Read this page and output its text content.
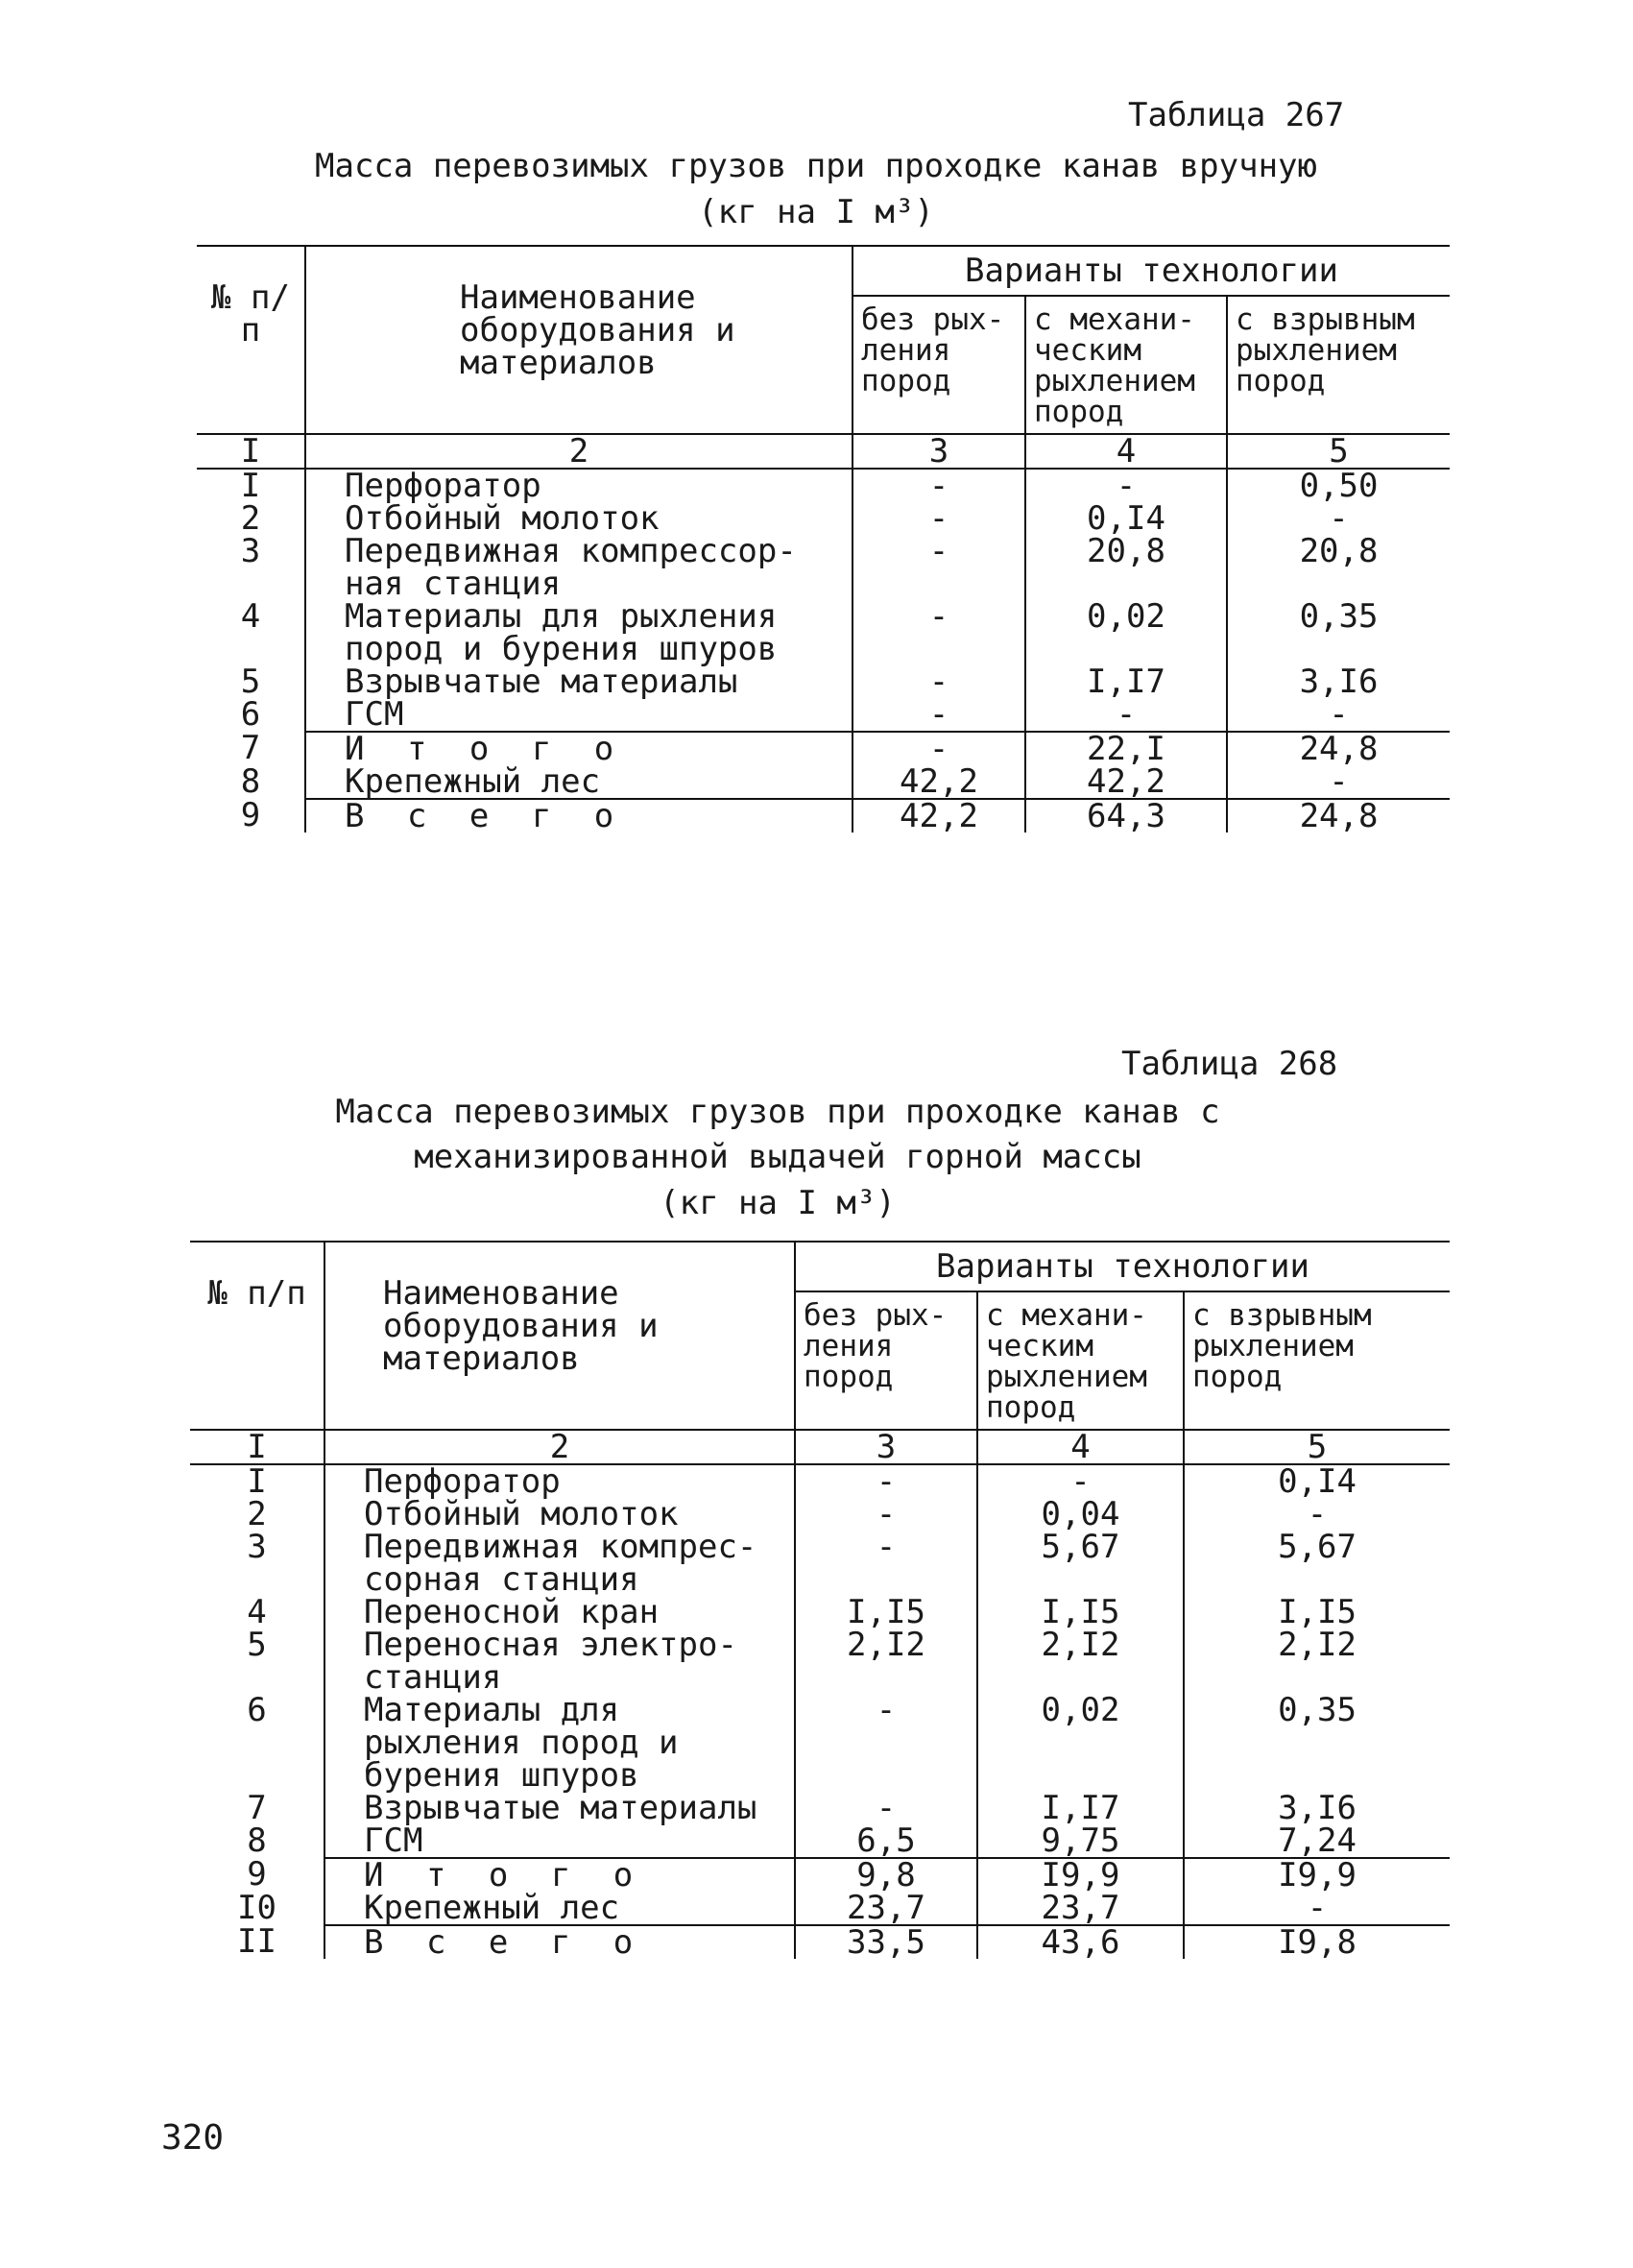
Таблица 267
Масса перевозимых грузов при проходке канав вручную
(кг на I м³)
№ п/п	Наименование оборудования и материалов	Варианты технологии		
		без рых- ления пород	с механи- ческим рыхлением пород	с взрывным рыхлением пород
I	2	3	4	5
I	Перфоратор	-	-	0,50
2	Отбойный молоток	-	0,I4	-
3	Передвижная компрессор- ная станция	-	20,8	20,8
4	Материалы для рыхления пород и бурения шпуров	-	0,02	0,35
5	Взрывчатые материалы	-	I,I7	3,I6
6	ГСМ	-	-	-
7	И т о г о	-	22,I	24,8
8	Крепежный лес	42,2	42,2	-
9	В с е г о	42,2	64,3	24,8
Таблица 268
Масса перевозимых грузов при проходке канав с
механизированной выдачей горной массы
(кг на I м³)
№ п/п	Наименование оборудования и материалов	Варианты технологии		
		без рых- ления пород	с механи- ческим рыхлением пород	с взрывным рыхлением пород
I	2	3	4	5
I	Перфоратор	-	-	0,I4
2	Отбойный молоток	-	0,04	-
3	Передвижная компрес- сорная станция	-	5,67	5,67
4	Переносной кран	I,I5	I,I5	I,I5
5	Переносная электро- станция	2,I2	2,I2	2,I2
6	Материалы для рыхления пород и бурения шпуров	-	0,02	0,35
7	Взрывчатые материалы	-	I,I7	3,I6
8	ГСМ	6,5	9,75	7,24
9	И т о г о	9,8	I9,9	I9,9
I0	Крепежный лес	23,7	23,7	-
II	В с е г о	33,5	43,6	I9,8
320
